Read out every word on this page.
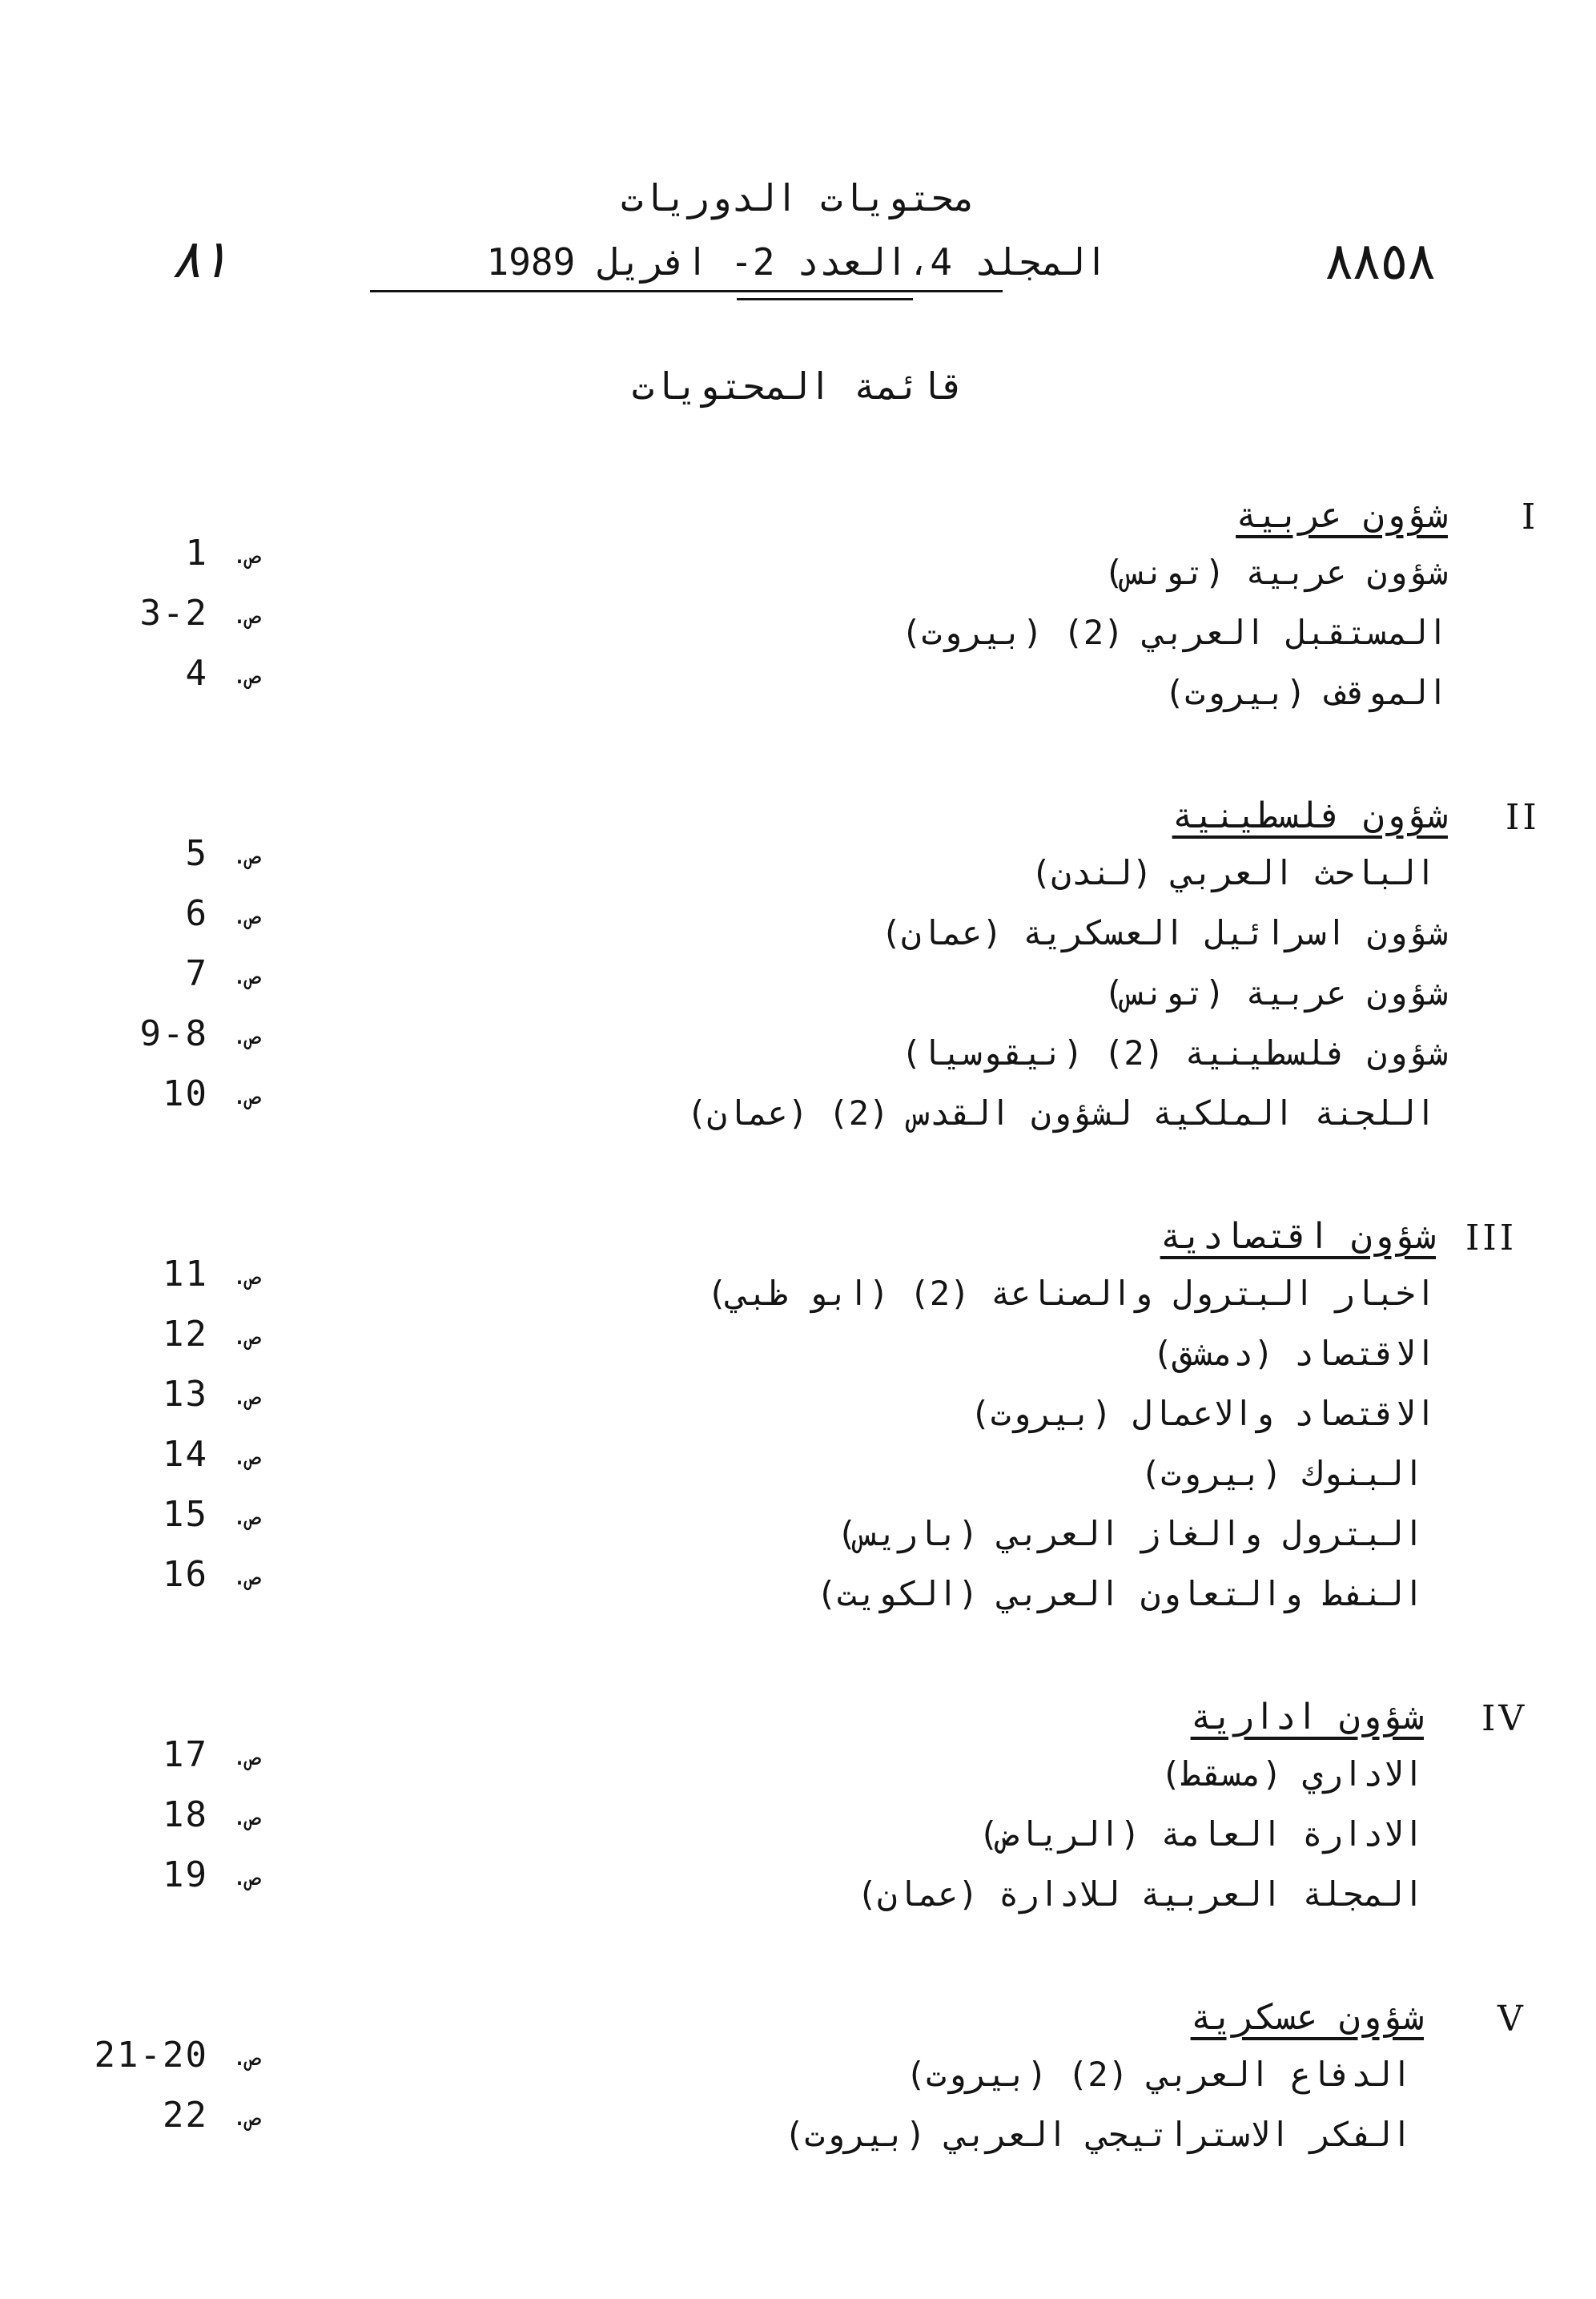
٨١	٨٨٥٨
محتويات الدوريات
المجلد 4،العدد 2- افريل 1989
قائمة المحتويات
I
شؤون عربية
شؤون عربية (تونس)
1 ص.
المستقبل العربي (2) (بيروت)
3-2 ص.
الموقف (بيروت)
4 ص.
II
شؤون فلسطينية
الباحث العربي (لندن)
5 ص.
شؤون اسرائيل العسكرية (عمان)
6 ص.
شؤون عربية (تونس)
7 ص.
شؤون فلسطينية (2) (نيقوسيا)
9-8 ص.
اللجنة الملكية لشؤون القدس (2) (عمان)
10 ص.
III
شؤون اقتصادية
اخبار البترول والصناعة (2) (ابو ظبي)
11 ص.
الاقتصاد (دمشق)
12 ص.
الاقتصاد والاعمال (بيروت)
13 ص.
البنوك (بيروت)
14 ص.
البترول والغاز العربي (باريس)
15 ص.
النفط والتعاون العربي (الكويت)
16 ص.
IV
شؤون ادارية
الاداري (مسقط)
17 ص.
الادارة العامة (الرياض)
18 ص.
المجلة العربية للادارة (عمان)
19 ص.
V
شؤون عسكرية
الدفاع العربي (2) (بيروت)
21-20 ص.
الفكر الاستراتيجي العربي (بيروت)
22 ص.
